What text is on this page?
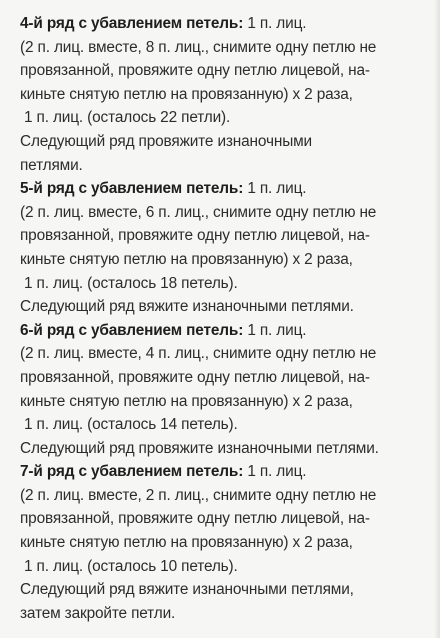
4-й ряд с убавлением петель: 1 п. лиц.
(2 п. лиц. вместе, 8 п. лиц., снимите одну петлю не
провязанной, провяжите одну петлю лицевой, на-
киньте снятую петлю на провязанную) х 2 раза,
1 п. лиц. (осталось 22 петли).
Следующий ряд провяжите изнаночными
петлями.
5-й ряд с убавлением петель: 1 п. лиц.
(2 п. лиц. вместе, 6 п. лиц., снимите одну петлю не
провязанной, провяжите одну петлю лицевой, на-
киньте снятую петлю на провязанную) х 2 раза,
1 п. лиц. (осталось 18 петель).
Следующий ряд вяжите изнаночными петлями.
6-й ряд с убавлением петель: 1 п. лиц.
(2 п. лиц. вместе, 4 п. лиц., снимите одну петлю не
провязанной, провяжите одну петлю лицевой, на-
киньте снятую петлю на провязанную) х 2 раза,
1 п. лиц. (осталось 14 петель).
Следующий ряд провяжите изнаночными петлями.
7-й ряд с убавлением петель: 1 п. лиц.
(2 п. лиц. вместе, 2 п. лиц., снимите одну петлю не
провязанной, провяжите одну петлю лицевой, на-
киньте снятую петлю на провязанную) х 2 раза,
1 п. лиц. (осталось 10 петель).
Следующий ряд вяжите изнаночными петлями,
затем закройте петли.
